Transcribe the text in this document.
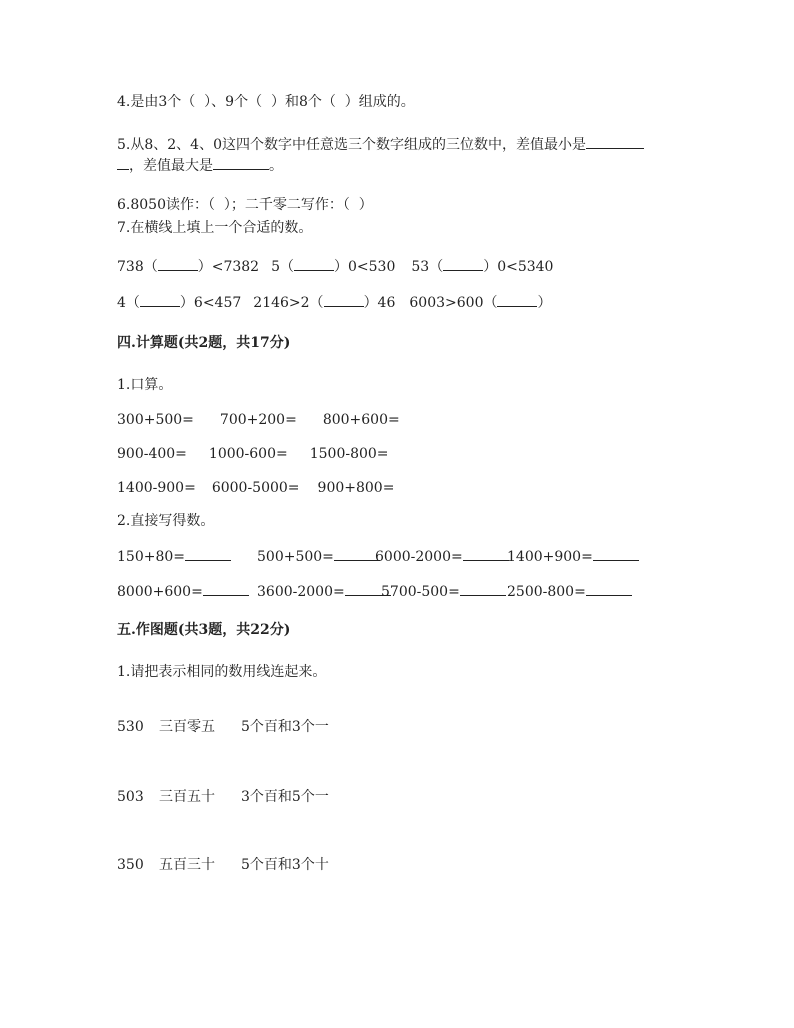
4.是由3个（  ）、9个（  ）和8个（  ）组成的。
5.从8、2、4、0这四个数字中任意选三个数字组成的三位数中，差值最小是
，差值最大是	。
6.8050读作：（  ）；二千零二写作：（  ）
7.在横线上填上一个合适的数。
738（	）<7382 5（	）0<530 53（	）0<5340
4（	）6<457 2146>2（	）46 6003>600（	）
四.计算题(共2题，共17分)
1.口算。
300+500= 700+200= 800+600=
900-400= 1000-600= 1500-800=
1400-900= 6000-5000= 900+800=
2.直接写得数。
150+80=	500+500=	6000-2000=	1400+900=
8000+600=	3600-2000=	5700-500=	2500-800=
五.作图题(共3题，共22分)
1.请把表示相同的数用线连起来。
530 三百零五 5个百和3个一
503 三百五十 3个百和5个一
350 五百三十 5个百和3个十
